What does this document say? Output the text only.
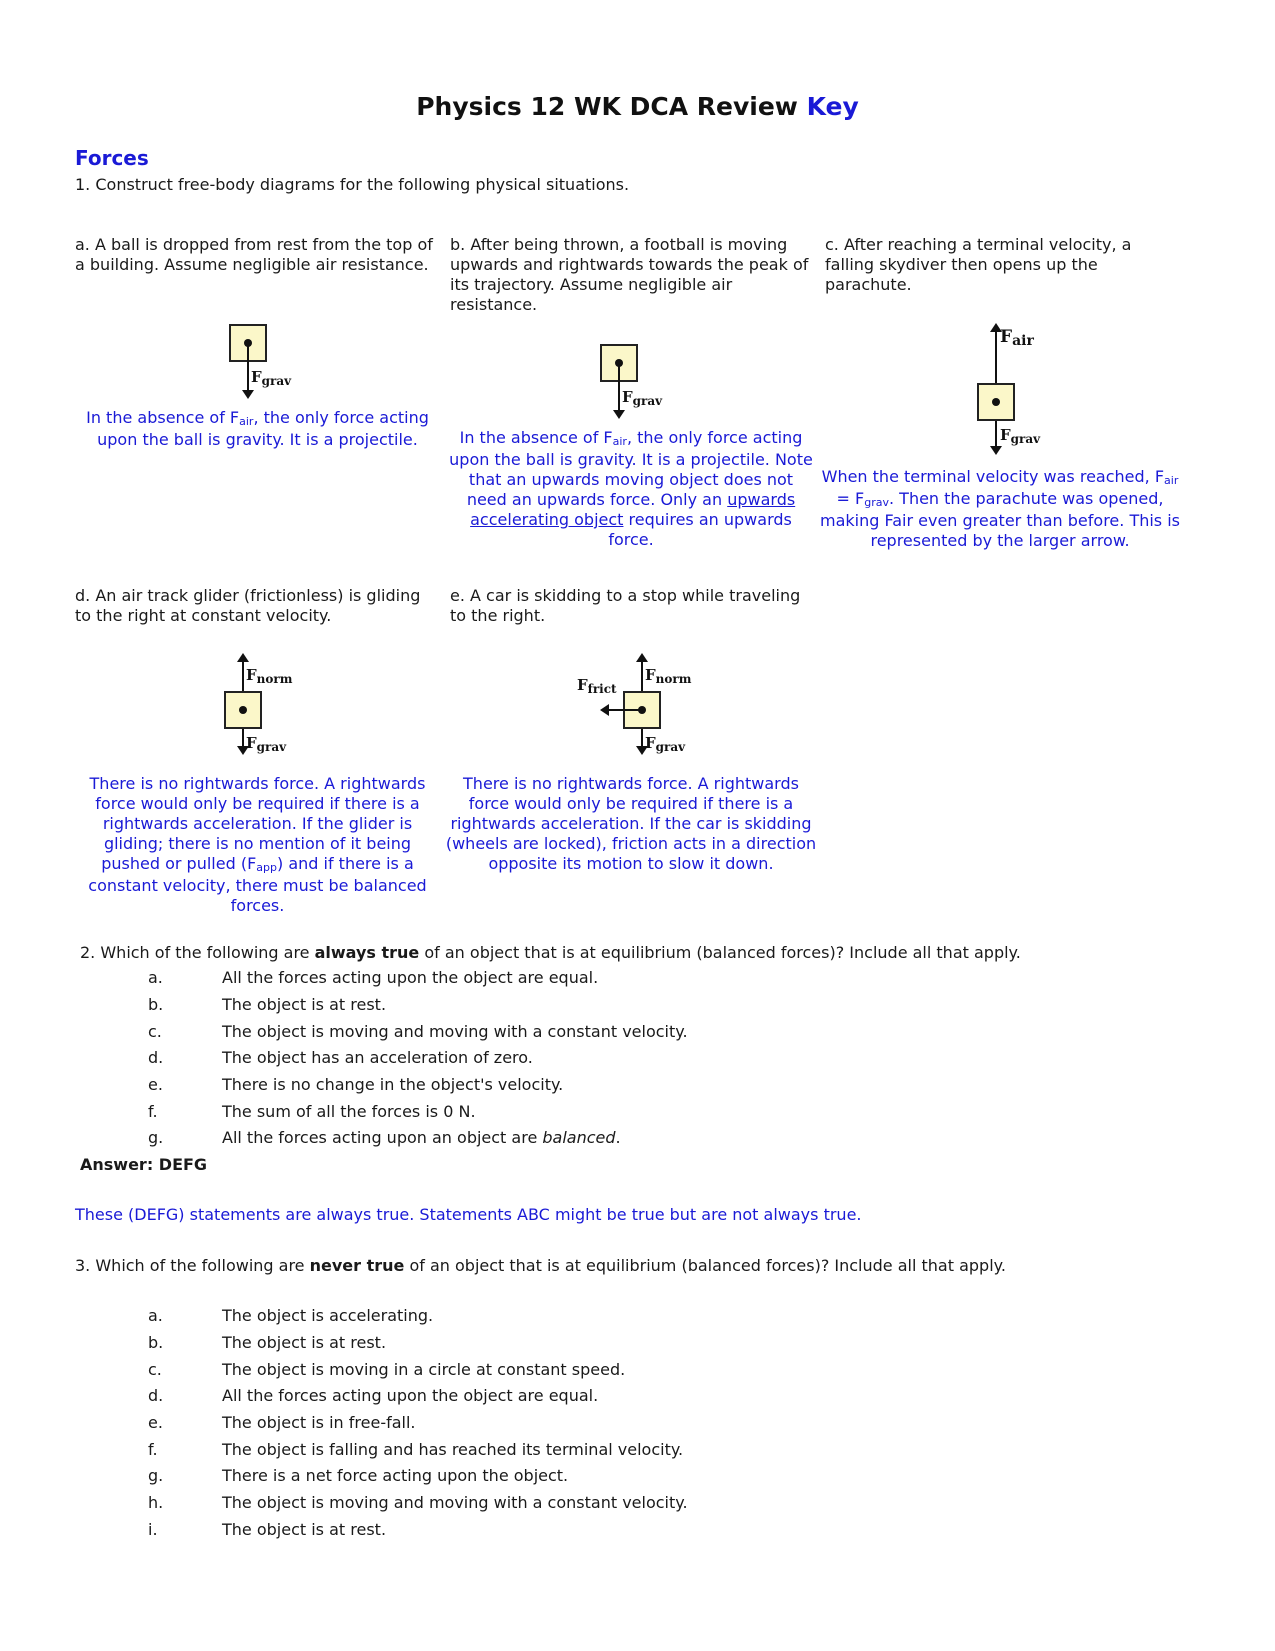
Physics 12 WK DCA Review Key
Forces
1. Construct free-body diagrams for the following physical situations.
a. A ball is dropped from rest from the top of a building. Assume negligible air resistance.
b. After being thrown, a football is moving upwards and rightwards towards the peak of its trajectory. Assume negligible air resistance.
c. After reaching a terminal velocity, a falling skydiver then opens up the parachute.
$F_{grav}$
In the absence of Fair, the only force acting upon the ball is gravity. It is a projectile.
$F_{grav}$
In the absence of Fair, the only force acting upon the ball is gravity. It is a projectile. Note that an upwards moving object does not need an upwards force. Only an upwards accelerating object requires an upwards force.
Fair
$F_{grav}$
When the terminal velocity was reached, Fair = Fgrav. Then the parachute was opened, making Fair even greater than before. This is represented by the larger arrow.
d. An air track glider (frictionless) is gliding to the right at constant velocity.
e. A car is skidding to a stop while traveling to the right.
$F_{norm}$
$F_{grav}$
There is no rightwards force. A rightwards force would only be required if there is a rightwards acceleration. If the glider is gliding; there is no mention of it being pushed or pulled (Fapp) and if there is a constant velocity, there must be balanced forces.
$F_{frict}$
$F_{norm}$
$F_{grav}$
There is no rightwards force. A rightwards force would only be required if there is a rightwards acceleration. If the car is skidding (wheels are locked), friction acts in a direction opposite its motion to slow it down.
2. Which of the following are always true of an object that is at equilibrium (balanced forces)? Include all that apply.
a.	All the forces acting upon the object are equal.
b.	The object is at rest.
c.	The object is moving and moving with a constant velocity.
d.	The object has an acceleration of zero.
e.	There is no change in the object's velocity.
f.	The sum of all the forces is 0 N.
g.	All the forces acting upon an object are balanced.
Answer: DEFG
These (DEFG) statements are always true. Statements ABC might be true but are not always true.
3. Which of the following are never true of an object that is at equilibrium (balanced forces)? Include all that apply.
a.	The object is accelerating.
b.	The object is at rest.
c.	The object is moving in a circle at constant speed.
d.	All the forces acting upon the object are equal.
e.	The object is in free-fall.
f.	The object is falling and has reached its terminal velocity.
g.	There is a net force acting upon the object.
h.	The object is moving and moving with a constant velocity.
i.	The object is at rest.
